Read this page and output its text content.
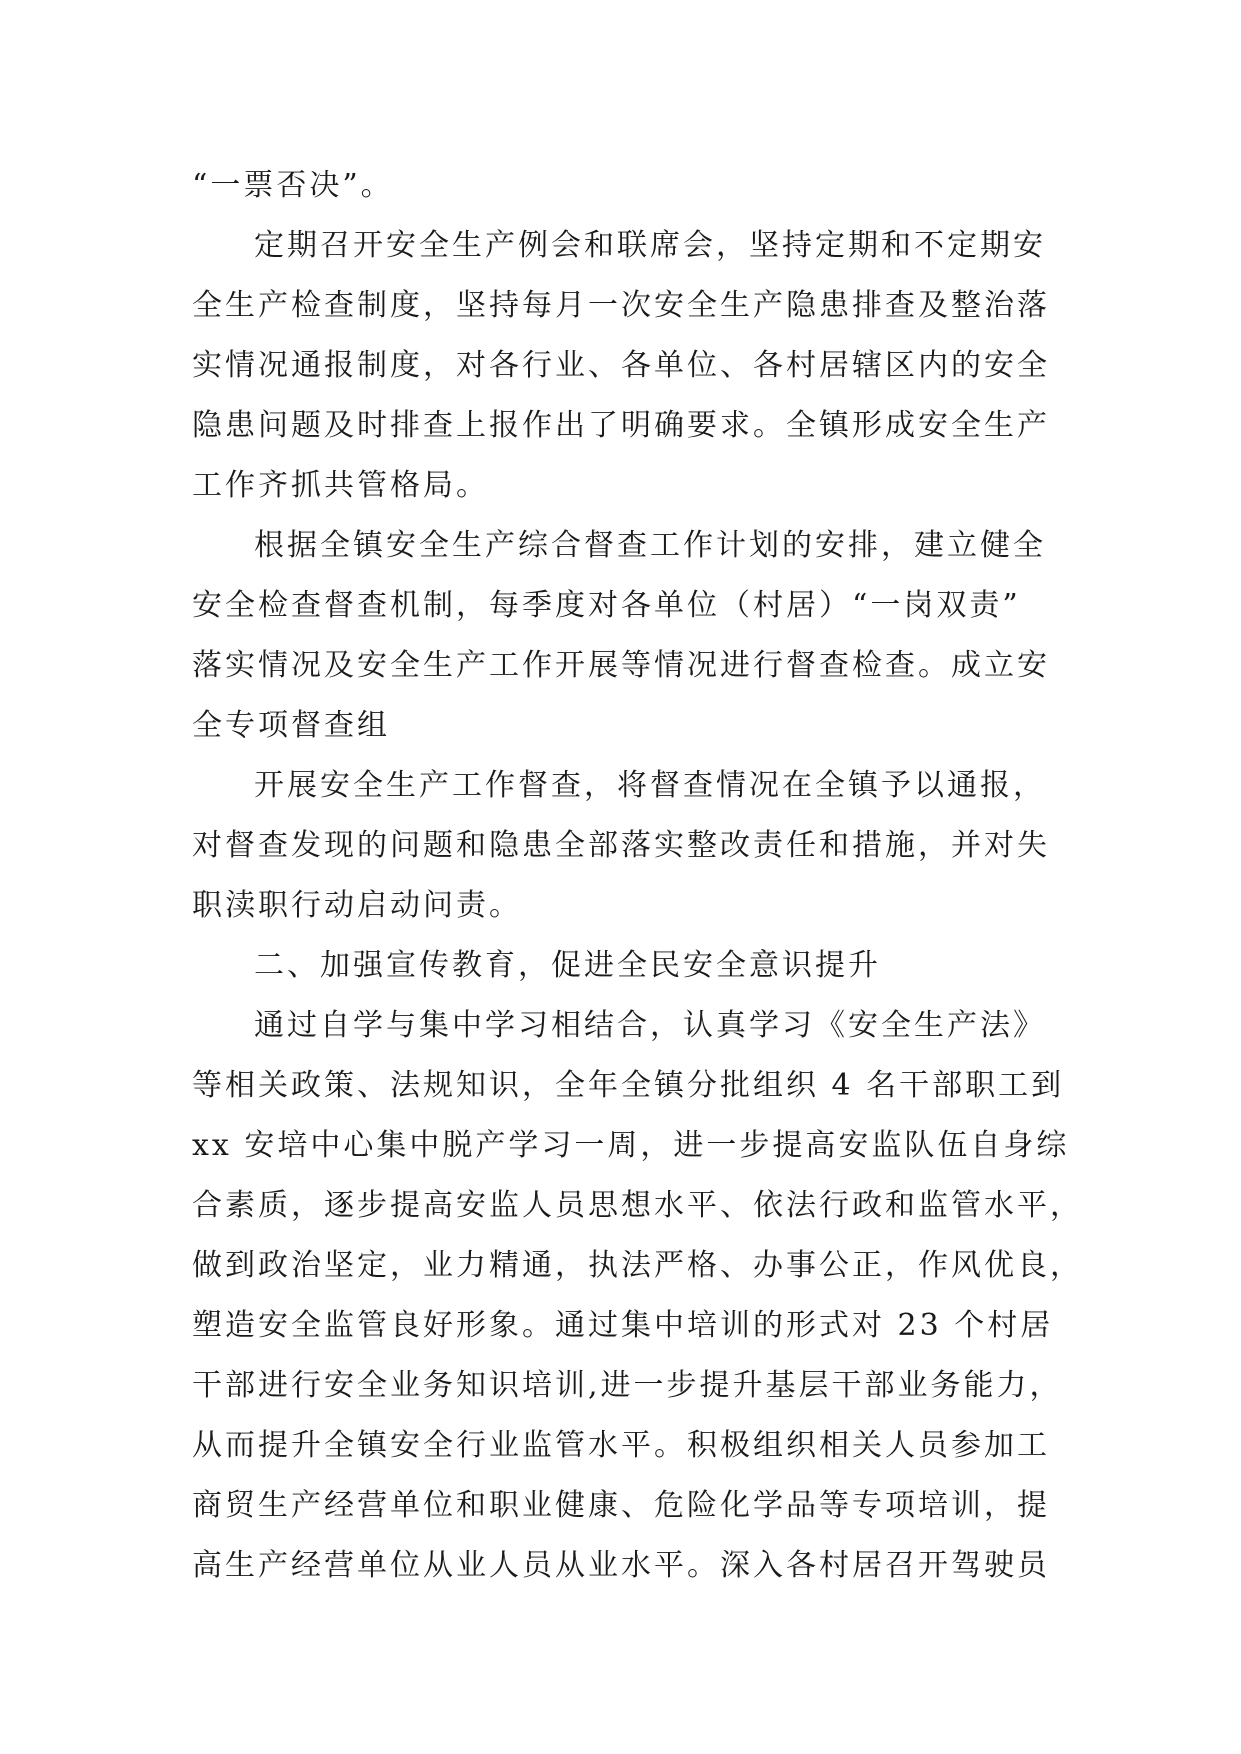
“一票否决”。
定期召开安全生产例会和联席会，坚持定期和不定期安
全生产检查制度，坚持每月一次安全生产隐患排查及整治落
实情况通报制度，对各行业、各单位、各村居辖区内的安全
隐患问题及时排查上报作出了明确要求。全镇形成安全生产
工作齐抓共管格局。
根据全镇安全生产综合督查工作计划的安排，建立健全
安全检查督查机制，每季度对各单位（村居）“一岗双责”
落实情况及安全生产工作开展等情况进行督查检查。成立安
全专项督查组
开展安全生产工作督查，将督查情况在全镇予以通报，
对督查发现的问题和隐患全部落实整改责任和措施，并对失
职渎职行动启动问责。
二、加强宣传教育，促进全民安全意识提升
通过自学与集中学习相结合，认真学习《安全生产法》
等相关政策、法规知识，全年全镇分批组织 4 名干部职工到
xx 安培中心集中脱产学习一周，进一步提高安监队伍自身综
合素质，逐步提高安监人员思想水平、依法行政和监管水平，
做到政治坚定，业力精通，执法严格、办事公正，作风优良，
塑造安全监管良好形象。通过集中培训的形式对 23 个村居
干部进行安全业务知识培训,进一步提升基层干部业务能力，
从而提升全镇安全行业监管水平。积极组织相关人员参加工
商贸生产经营单位和职业健康、危险化学品等专项培训，提
高生产经营单位从业人员从业水平。深入各村居召开驾驶员
